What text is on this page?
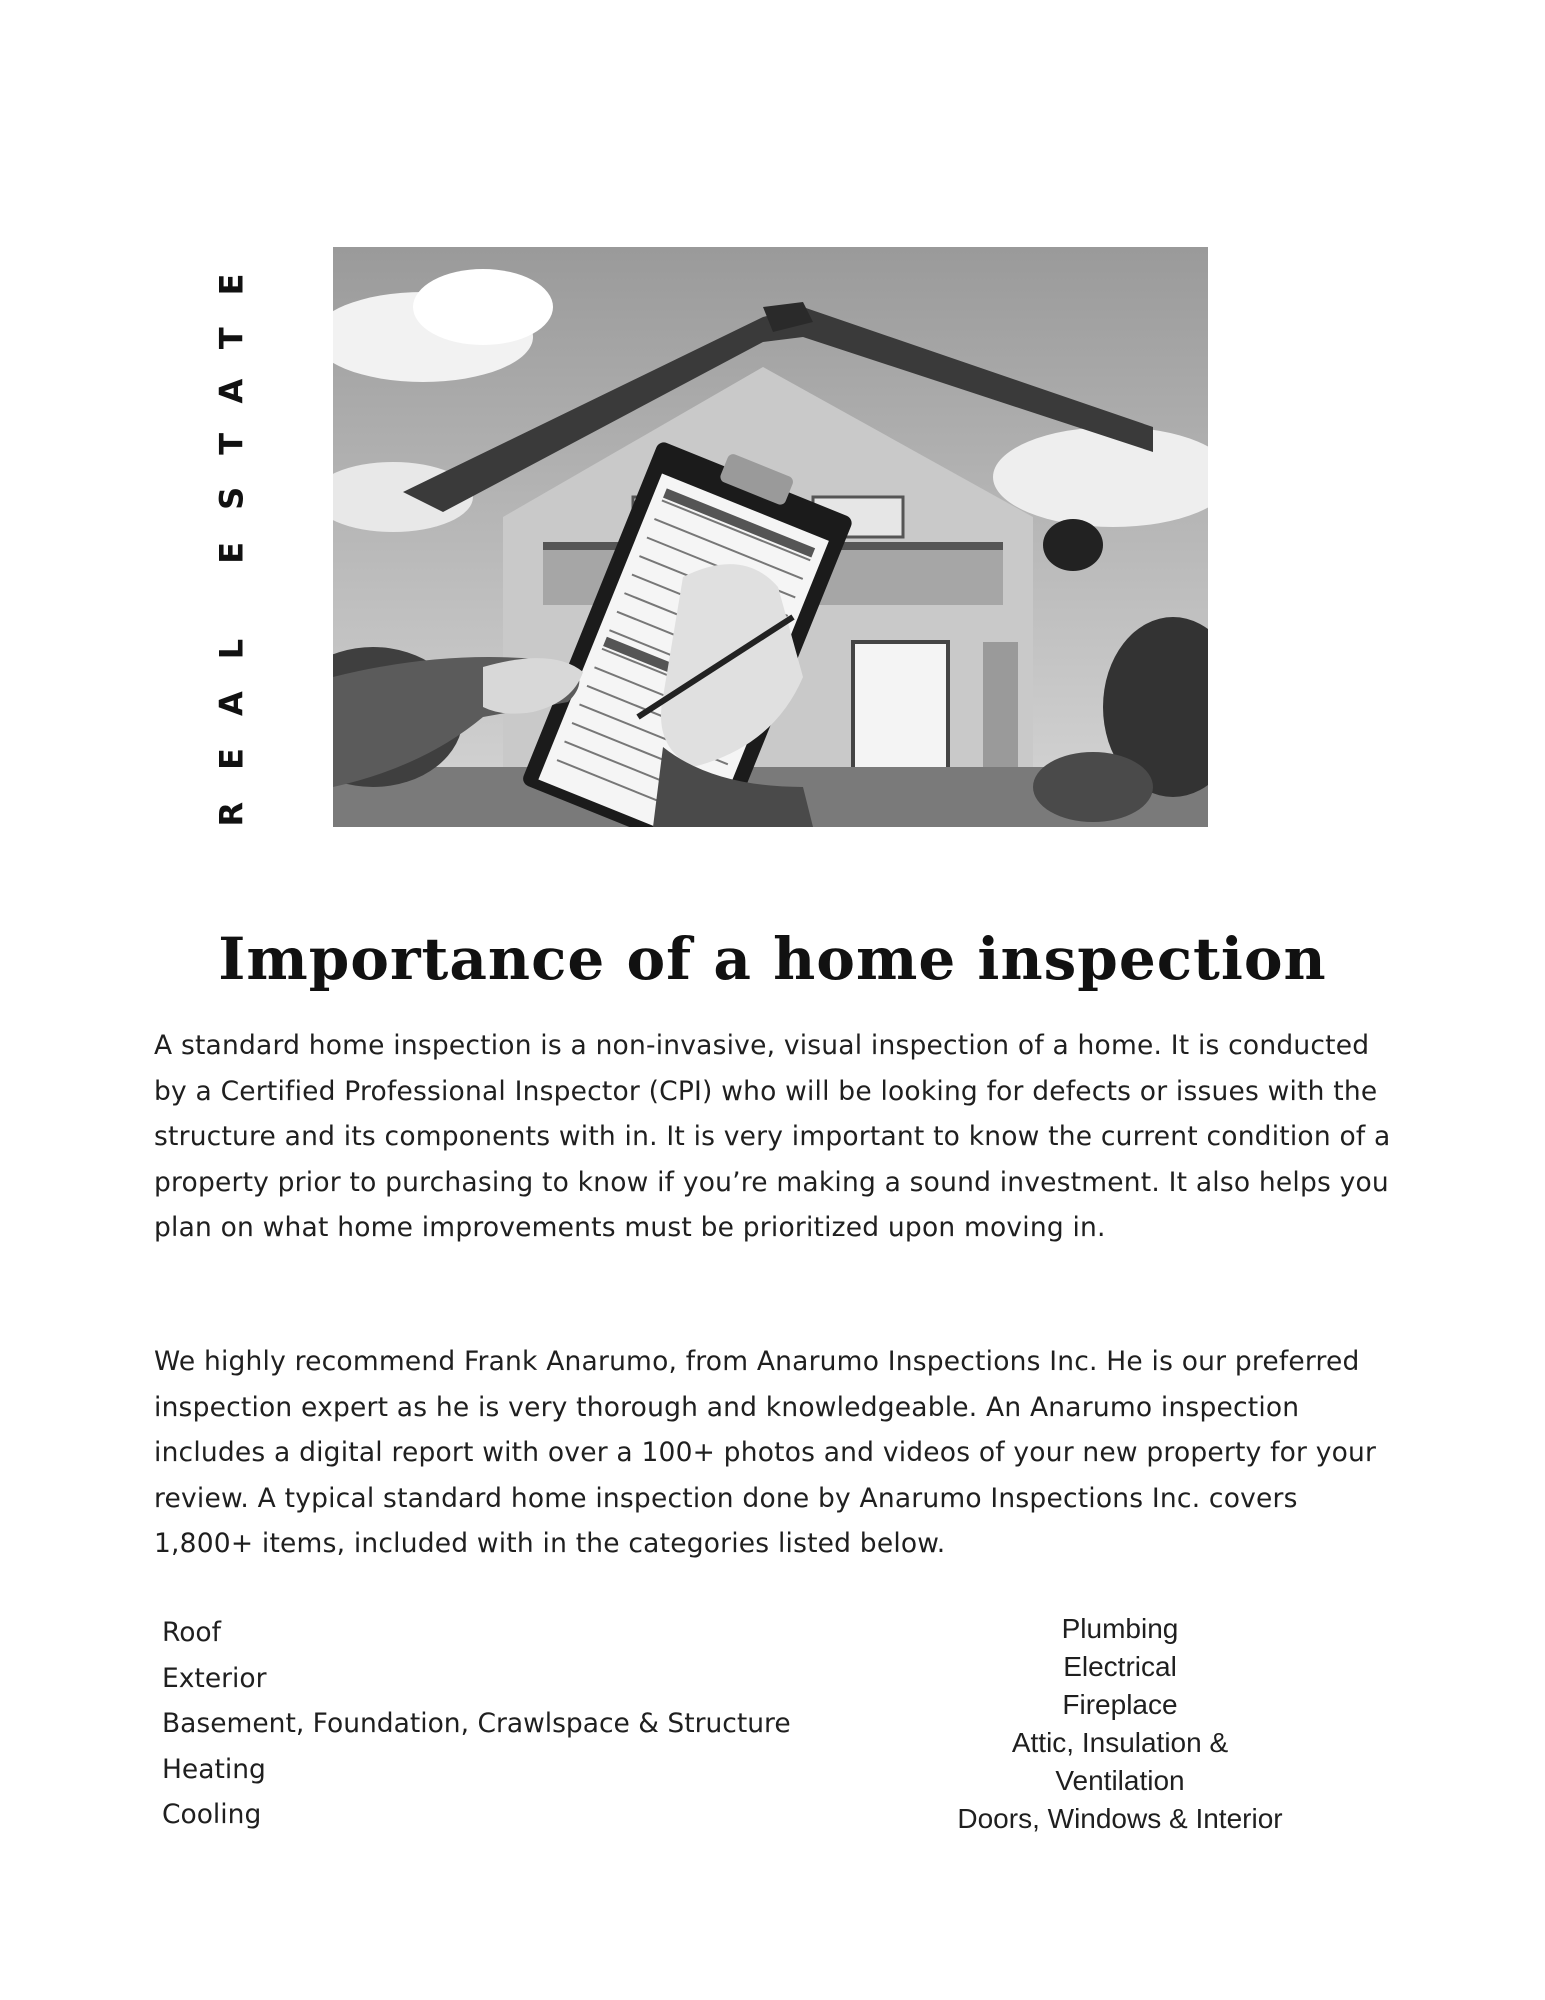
REAL ESTATE
Importance of a home inspection

A standard home inspection is a non-invasive, visual inspection of a home. It is conducted by a Certified Professional Inspector (CPI) who will be looking for defects or issues with the structure and its components with in. It is very important to know the current condition of a property prior to purchasing to know if you’re making a sound investment. It also helps you plan on what home improvements must be prioritized upon moving in.

We highly recommend Frank Anarumo, from Anarumo Inspections Inc. He is our preferred inspection expert as he is very thorough and knowledgeable. An Anarumo inspection includes a digital report with over a 100+ photos and videos of your new property for your review. A typical standard home inspection done by Anarumo Inspections Inc. covers 1,800+ items, included with in the categories listed below.

Roof
Exterior
Basement, Foundation, Crawlspace & Structure
Heating
Cooling
Plumbing
Electrical
Fireplace
Attic, Insulation &
Ventilation
Doors, Windows & Interior
